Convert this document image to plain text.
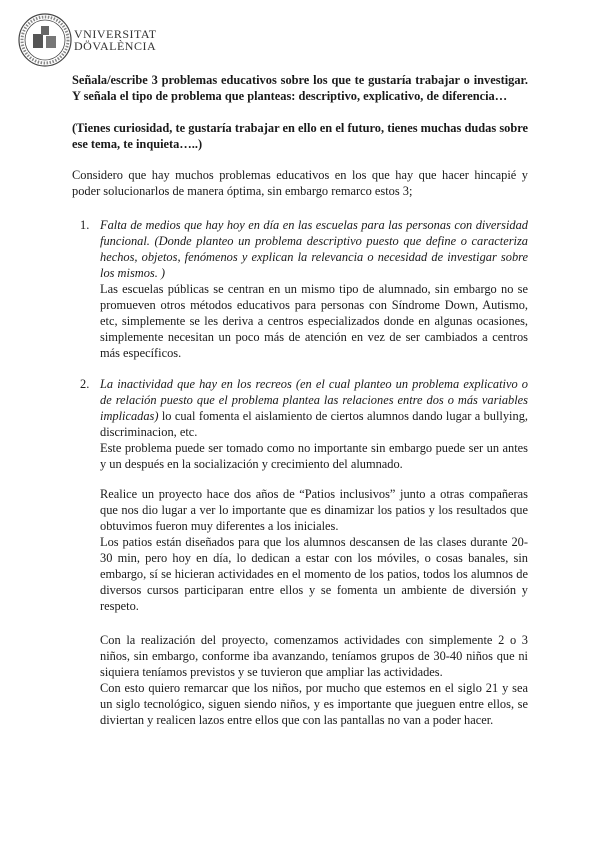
VNIVERSITAT
DÖVALÈNCIA
Señala/escribe 3 problemas educativos sobre los que te gustaría trabajar o investigar. Y señala el tipo de problema que planteas: descriptivo, explicativo, de diferencia…
(Tienes curiosidad, te gustaría trabajar en ello en el futuro, tienes muchas dudas sobre ese tema, te inquieta…..)
Considero que hay muchos problemas educativos en los que hay que hacer hincapié y poder solucionarlos de manera óptima, sin embargo remarco estos 3;
1. Falta de medios que hay hoy en día en las escuelas para las personas con diversidad funcional. (Donde planteo un problema descriptivo puesto que define o caracteriza hechos, objetos, fenómenos y explican la relevancia o necesidad de investigar sobre los mismos. )

Las escuelas públicas se centran en un mismo tipo de alumnado, sin embargo no se promueven otros métodos educativos para personas con Síndrome Down, Autismo, etc, simplemente se les deriva a centros especializados donde en algunas ocasiones, simplemente necesitan un poco más de atención en vez de ser cambiados a centros más específicos.

2. La inactividad que hay en los recreos (en el cual planteo un problema explicativo o de relación puesto que el problema plantea las relaciones entre dos o más variables implicadas) lo cual fomenta el aislamiento de ciertos alumnos dando lugar a bullying, discriminacion, etc.

Este problema puede ser tomado como no importante sin embargo puede ser un antes y un después en la socialización y crecimiento del alumnado.

Realice un proyecto hace dos años de “Patios inclusivos” junto a otras compañeras que nos dio lugar a ver lo importante que es dinamizar los patios y los resultados que obtuvimos fueron muy diferentes a los iniciales.

Los patios están diseñados para que los alumnos descansen de las clases durante 20-30 min, pero hoy en día, lo dedican a estar con los móviles, o cosas banales, sin embargo, sí se hicieran actividades en el momento de los patios, todos los alumnos de diversos cursos participaran entre ellos y se fomenta un ambiente de diversión y respeto.

Con la realización del proyecto, comenzamos actividades con simplemente 2 o 3 niños, sin embargo, conforme iba avanzando, teníamos grupos de 30-40 niños que ni siquiera teníamos previstos y se tuvieron que ampliar las actividades.

Con esto quiero remarcar que los niños, por mucho que estemos en el siglo 21 y sea un siglo tecnológico, siguen siendo niños, y es importante que jueguen entre ellos, se diviertan y realicen lazos entre ellos que con las pantallas no van a poder hacer.
